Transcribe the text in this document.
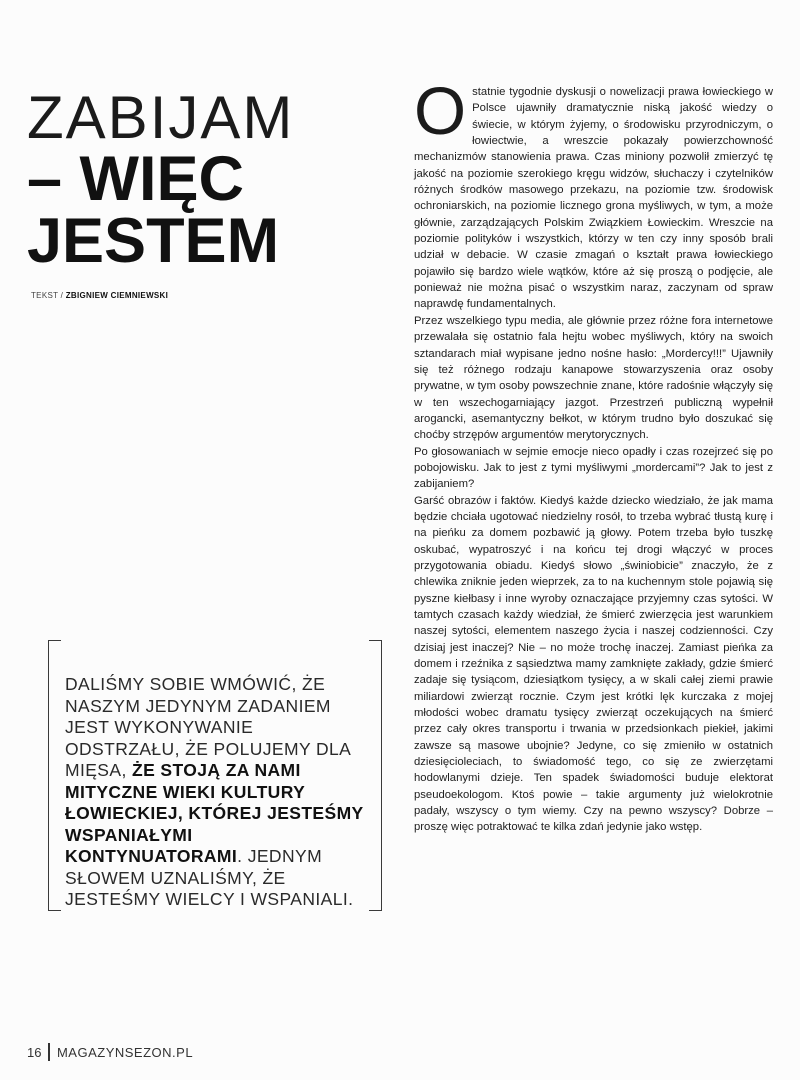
ZABIJAM
– WIĘC
JESTEM
TEKST / ZBIGNIEW CIEMNIEWSKI

DALIŚMY SOBIE WMÓWIĆ, ŻE NASZYM JEDYNYM ZADANIEM JEST WYKONYWANIE ODSTRZAŁU, ŻE POLUJEMY DLA MIĘSA, ŻE STOJĄ ZA NAMI MITYCZNE WIEKI KULTURY ŁOWIECKIEJ, KTÓREJ JESTEŚMY WSPANIAŁYMI KONTYNUATORAMI. JEDNYM SŁOWEM UZNALIŚMY, ŻE JESTEŚMY WIELCY I WSPANIALI.

O statnie tygodnie dyskusji o nowelizacji prawa łowieckiego w Polsce ujawniły dramatycznie niską jakość wiedzy o świecie, w którym żyjemy, o środowisku przyrodniczym, o łowiectwie, a wreszcie pokazały powierzchowność mechanizmów stanowienia prawa. Czas miniony pozwolił zmierzyć tę jakość na poziomie szerokiego kręgu widzów, słuchaczy i czytelników różnych środków masowego przekazu, na poziomie tzw. środowisk ochroniarskich, na poziomie licznego grona myśliwych, w tym, a może głównie, zarządzających Polskim Związkiem Łowieckim. Wreszcie na poziomie polityków i wszystkich, którzy w ten czy inny sposób brali udział w debacie. W czasie zmagań o kształt prawa łowieckiego pojawiło się bardzo wiele wątków, które aż się proszą o podjęcie, ale ponieważ nie można pisać o wszystkim naraz, zaczynam od spraw naprawdę fundamentalnych.

Przez wszelkiego typu media, ale głównie przez różne fora internetowe przewalała się ostatnio fala hejtu wobec myśliwych, który na swoich sztandarach miał wypisane jedno nośne hasło: „Mordercy!!!” Ujawniły się też różnego rodzaju kanapowe stowarzyszenia oraz osoby prywatne, w tym osoby powszechnie znane, które radośnie włączyły się w ten wszechogarniający jazgot. Przestrzeń publiczną wypełnił arogancki, asemantyczny bełkot, w którym trudno było doszukać się choćby strzępów argumentów merytorycznych.

Po głosowaniach w sejmie emocje nieco opadły i czas rozejrzeć się po pobojowisku. Jak to jest z tymi myśliwymi „mordercami”? Jak to jest z zabijaniem?

Garść obrazów i faktów. Kiedyś każde dziecko wiedziało, że jak mama będzie chciała ugotować niedzielny rosół, to trzeba wybrać tłustą kurę i na pieńku za domem pozbawić ją głowy. Potem trzeba było tuszkę oskubać, wypatroszyć i na końcu tej drogi włączyć w proces przygotowania obiadu. Kiedyś słowo „świniobicie” znaczyło, że z chlewika zniknie jeden wieprzek, za to na kuchennym stole pojawią się pyszne kiełbasy i inne wyroby oznaczające przyjemny czas sytości. W tamtych czasach każdy wiedział, że śmierć zwierzęcia jest warunkiem naszej sytości, elementem naszego życia i naszej codzienności. Czy dzisiaj jest inaczej? Nie – no może trochę inaczej. Zamiast pieńka za domem i rzeźnika z sąsiedztwa mamy zamknięte zakłady, gdzie śmierć zadaje się tysiącom, dziesiątkom tysięcy, a w skali całej ziemi prawie miliardowi zwierząt rocznie. Czym jest krótki lęk kurczaka z mojej młodości wobec dramatu tysięcy zwierząt oczekujących na śmierć przez cały okres transportu i trwania w przedsionkach piekieł, jakimi zawsze są masowe ubojnie? Jedyne, co się zmieniło w ostatnich dziesięcioleciach, to świadomość tego, co się ze zwierzętami hodowlanymi dzieje. Ten spadek świadomości buduje elektorat pseudoekologom. Ktoś powie – takie argumenty już wielokrotnie padały, wszyscy o tym wiemy. Czy na pewno wszyscy? Dobrze – proszę więc potraktować te kilka zdań jedynie jako wstęp.

16 MAGAZYNSEZON.PL
